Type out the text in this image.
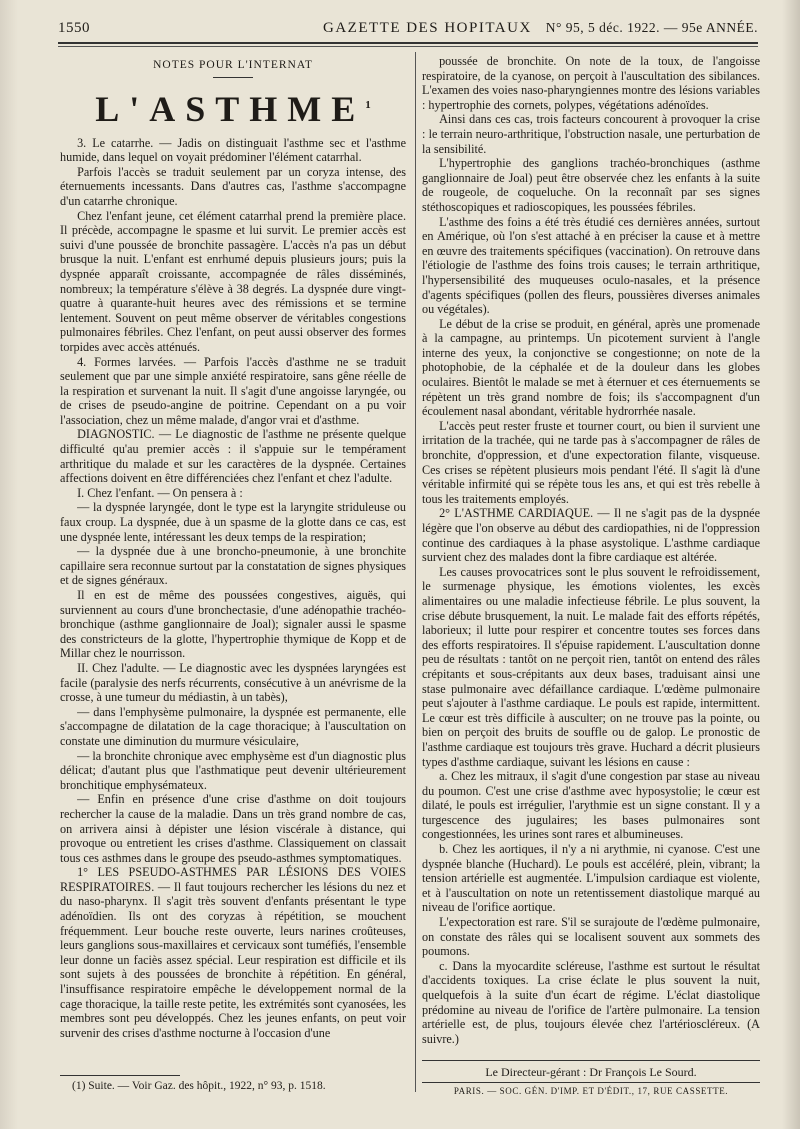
1550	GAZETTE DES HOPITAUX N° 95, 5 déc. 1922. — 95e ANNÉE.
NOTES POUR L'INTERNAT
L'ASTHME$^1$

3. Le catarrhe. — Jadis on distinguait l'asthme sec et l'asthme humide, dans lequel on voyait prédominer l'élément catarrhal.

Parfois l'accès se traduit seulement par un coryza intense, des éternuements incessants. Dans d'autres cas, l'asthme s'accompagne d'un catarrhe chronique.

Chez l'enfant jeune, cet élément catarrhal prend la première place. Il précède, accompagne le spasme et lui survit. Le premier accès est suivi d'une poussée de bronchite passagère. L'accès n'a pas un début brusque la nuit. L'enfant est enrhumé depuis plusieurs jours; puis la dyspnée apparaît croissante, accompagnée de râles disséminés, nombreux; la température s'élève à 38 degrés. La dyspnée dure vingt-quatre à quarante-huit heures avec des rémissions et se termine lentement. Souvent on peut même observer de véritables congestions pulmonaires fébriles. Chez l'enfant, on peut aussi observer des formes torpides avec accès atténués.

4. Formes larvées. — Parfois l'accès d'asthme ne se traduit seulement que par une simple anxiété respiratoire, sans gêne réelle de la respiration et survenant la nuit. Il s'agit d'une angoisse laryngée, ou de crises de pseudo-angine de poitrine. Cependant on a pu voir l'association, chez un même malade, d'angor vrai et d'asthme.

DIAGNOSTIC. — Le diagnostic de l'asthme ne présente quelque difficulté qu'au premier accès : il s'appuie sur le tempérament arthritique du malade et sur les caractères de la dyspnée. Certaines affections doivent en être différenciées chez l'enfant et chez l'adulte.

I. Chez l'enfant. — On pensera à :

— la dyspnée laryngée, dont le type est la laryngite striduleuse ou faux croup. La dyspnée, due à un spasme de la glotte dans ce cas, est une dyspnée lente, intéressant les deux temps de la respiration;

— la dyspnée due à une broncho-pneumonie, à une bronchite capillaire sera reconnue surtout par la constatation de signes physiques et de signes généraux.

Il en est de même des poussées congestives, aiguës, qui surviennent au cours d'une bronchectasie, d'une adénopathie trachéo-bronchique (asthme ganglionnaire de Joal); signaler aussi le spasme des constricteurs de la glotte, l'hypertrophie thymique de Kopp et de Millar chez le nourrisson.

II. Chez l'adulte. — Le diagnostic avec les dyspnées laryngées est facile (paralysie des nerfs récurrents, consécutive à un anévrisme de la crosse, à une tumeur du médiastin, à un tabès),

— dans l'emphysème pulmonaire, la dyspnée est permanente, elle s'accompagne de dilatation de la cage thoracique; à l'auscultation on constate une diminution du murmure vésiculaire,

— la bronchite chronique avec emphysème est d'un diagnostic plus délicat; d'autant plus que l'asthmatique peut devenir ultérieurement bronchitique emphysémateux.

— Enfin en présence d'une crise d'asthme on doit toujours rechercher la cause de la maladie. Dans un très grand nombre de cas, on arrivera ainsi à dépister une lésion viscérale à distance, qui provoque ou entretient les crises d'asthme. Classiquement on classait tous ces asthmes dans le groupe des pseudo-asthmes symptomatiques.

1° LES PSEUDO-ASTHMES PAR LÉSIONS DES VOIES RESPIRATOIRES. — Il faut toujours rechercher les lésions du nez et du naso-pharynx. Il s'agit très souvent d'enfants présentant le type adénoïdien. Ils ont des coryzas à répétition, se mouchent fréquemment. Leur bouche reste ouverte, leurs narines croûteuses, leurs ganglions sous-maxillaires et cervicaux sont tuméfiés, l'ensemble leur donne un faciès assez spécial. Leur respiration est difficile et ils sont sujets à des poussées de bronchite à répétition. En général, l'insuffisance respiratoire empêche le développement normal de la cage thoracique, la taille reste petite, les extrémités sont cyanosées, les membres sont peu développés. Chez les jeunes enfants, on peut voir survenir des crises d'asthme nocturne à l'occasion d'une

poussée de bronchite. On note de la toux, de l'angoisse respiratoire, de la cyanose, on perçoit à l'auscultation des sibilances. L'examen des voies naso-pharyngiennes montre des lésions variables : hypertrophie des cornets, polypes, végétations adénoïdes.

Ainsi dans ces cas, trois facteurs concourent à provoquer la crise : le terrain neuro-arthritique, l'obstruction nasale, une perturbation de la sensibilité.

L'hypertrophie des ganglions trachéo-bronchiques (asthme ganglionnaire de Joal) peut être observée chez les enfants à la suite de rougeole, de coqueluche. On la reconnaît par ses signes stéthoscopiques et radioscopiques, les poussées fébriles.

L'asthme des foins a été très étudié ces dernières années, surtout en Amérique, où l'on s'est attaché à en préciser la cause et à mettre en œuvre des traitements spécifiques (vaccination). On retrouve dans l'étiologie de l'asthme des foins trois causes; le terrain arthritique, l'hypersensibilité des muqueuses oculo-nasales, et la présence d'agents spécifiques (pollen des fleurs, poussières diverses animales ou végétales).

Le début de la crise se produit, en général, après une promenade à la campagne, au printemps. Un picotement survient à l'angle interne des yeux, la conjonctive se congestionne; on note de la photophobie, de la céphalée et de la douleur dans les globes oculaires. Bientôt le malade se met à éternuer et ces éternuements se répètent un très grand nombre de fois; ils s'accompagnent d'un écoulement nasal abondant, véritable hydrorrhée nasale.

L'accès peut rester fruste et tourner court, ou bien il survient une irritation de la trachée, qui ne tarde pas à s'accompagner de râles de bronchite, d'oppression, et d'une expectoration filante, visqueuse. Ces crises se répètent plusieurs mois pendant l'été. Il s'agit là d'une véritable infirmité qui se répète tous les ans, et qui est très rebelle à tous les traitements employés.

2° L'ASTHME CARDIAQUE. — Il ne s'agit pas de la dyspnée légère que l'on observe au début des cardiopathies, ni de l'oppression continue des cardiaques à la phase asystolique. L'asthme cardiaque survient chez des malades dont la fibre cardiaque est altérée.

Les causes provocatrices sont le plus souvent le refroidissement, le surmenage physique, les émotions violentes, les excès alimentaires ou une maladie infectieuse fébrile. Le plus souvent, la crise débute brusquement, la nuit. Le malade fait des efforts répétés, laborieux; il lutte pour respirer et concentre toutes ses forces dans des efforts respiratoires. Il s'épuise rapidement. L'auscultation donne peu de résultats : tantôt on ne perçoit rien, tantôt on entend des râles crépitants et sous-crépitants aux deux bases, traduisant ainsi une stase pulmonaire avec défaillance cardiaque. L'œdème pulmonaire peut s'ajouter à l'asthme cardiaque. Le pouls est rapide, intermittent. Le cœur est très difficile à ausculter; on ne trouve pas la pointe, ou bien on perçoit des bruits de souffle ou de galop. Le pronostic de l'asthme cardiaque est toujours très grave. Huchard a décrit plusieurs types d'asthme cardiaque, suivant les lésions en cause :

a. Chez les mitraux, il s'agit d'une congestion par stase au niveau du poumon. C'est une crise d'asthme avec hyposystolie; le cœur est dilaté, le pouls est irrégulier, l'arythmie est un signe constant. Il y a turgescence des jugulaires; les bases pulmonaires sont congestionnées, les urines sont rares et albumineuses.

b. Chez les aortiques, il n'y a ni arythmie, ni cyanose. C'est une dyspnée blanche (Huchard). Le pouls est accéléré, plein, vibrant; la tension artérielle est augmentée. L'impulsion cardiaque est violente, et à l'auscultation on note un retentissement diastolique marqué au niveau de l'orifice aortique.

L'expectoration est rare. S'il se surajoute de l'œdème pulmonaire, on constate des râles qui se localisent souvent aux sommets des poumons.

c. Dans la myocardite scléreuse, l'asthme est surtout le résultat d'accidents toxiques. La crise éclate le plus souvent la nuit, quelquefois à la suite d'un écart de régime. L'éclat diastolique prédomine au niveau de l'orifice de l'artère pulmonaire. La tension artérielle est, de plus, toujours élevée chez l'artérioscléreux. (A suivre.)

(1) Suite. — Voir Gaz. des hôpit., 1922, n° 93, p. 1518.
Le Directeur-gérant : Dr François Le Sourd.
PARIS. — SOC. GÉN. D'IMP. ET D'ÉDIT., 17, RUE CASSETTE.
